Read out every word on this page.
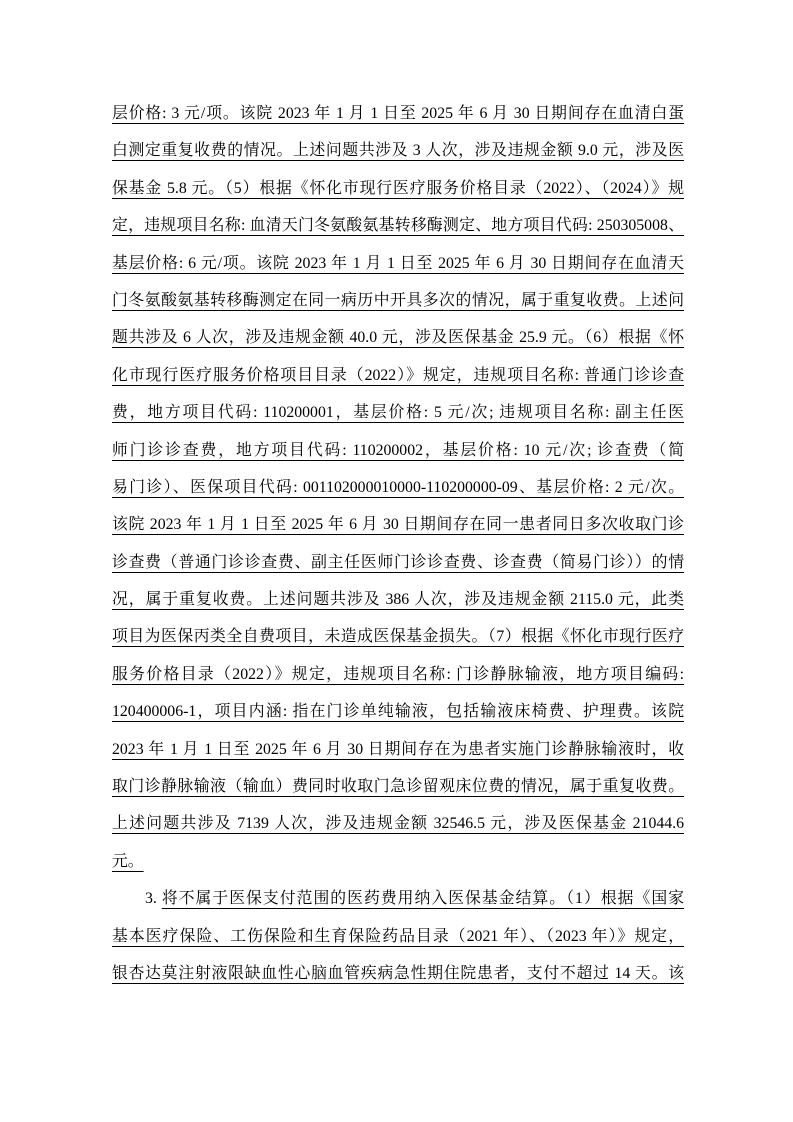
层价格: 3 元/项。该院 2023 年 1 月 1 日至 2025 年 6 月 30 日期间存在血清白蛋
白测定重复收费的情况。上述问题共涉及 3 人次，涉及违规金额 9.0 元，涉及医
保基金 5.8 元。（5）根据《怀化市现行医疗服务价格目录（2022）、（2024）》规
定，违规项目名称: 血清天门冬氨酸氨基转移酶测定、地方项目代码: 250305008、
基层价格: 6 元/项。该院 2023 年 1 月 1 日至 2025 年 6 月 30 日期间存在血清天
门冬氨酸氨基转移酶测定在同一病历中开具多次的情况，属于重复收费。上述问
题共涉及 6 人次，涉及违规金额 40.0 元，涉及医保基金 25.9 元。（6）根据《怀
化市现行医疗服务价格项目目录（2022）》规定，违规项目名称: 普通门诊诊查
费，地方项目代码: 110200001，基层价格: 5 元/次; 违规项目名称: 副主任医
师门诊诊查费，地方项目代码: 110200002，基层价格: 10 元/次; 诊查费（简
易门诊）、医保项目代码: 001102000010000-110200000-09、基层价格: 2 元/次。
该院 2023 年 1 月 1 日至 2025 年 6 月 30 日期间存在同一患者同日多次收取门诊
诊查费（普通门诊诊查费、副主任医师门诊诊查费、诊查费（简易门诊））的情
况，属于重复收费。上述问题共涉及 386 人次，涉及违规金额 2115.0 元，此类
项目为医保丙类全自费项目，未造成医保基金损失。（7）根据《怀化市现行医疗
服务价格目录（2022）》规定，违规项目名称: 门诊静脉输液，地方项目编码:
120400006-1，项目内涵: 指在门诊单纯输液，包括输液床椅费、护理费。该院
2023 年 1 月 1 日至 2025 年 6 月 30 日期间存在为患者实施门诊静脉输液时，收
取门诊静脉输液（输血）费同时收取门急诊留观床位费的情况，属于重复收费。
上述问题共涉及 7139 人次，涉及违规金额 32546.5 元，涉及医保基金 21044.6
元。
3. 将不属于医保支付范围的医药费用纳入医保基金结算。（1）根据《国家
基本医疗保险、工伤保险和生育保险药品目录（2021 年）、（2023 年）》规定，
银杏达莫注射液限缺血性心脑血管疾病急性期住院患者，支付不超过 14 天。该
